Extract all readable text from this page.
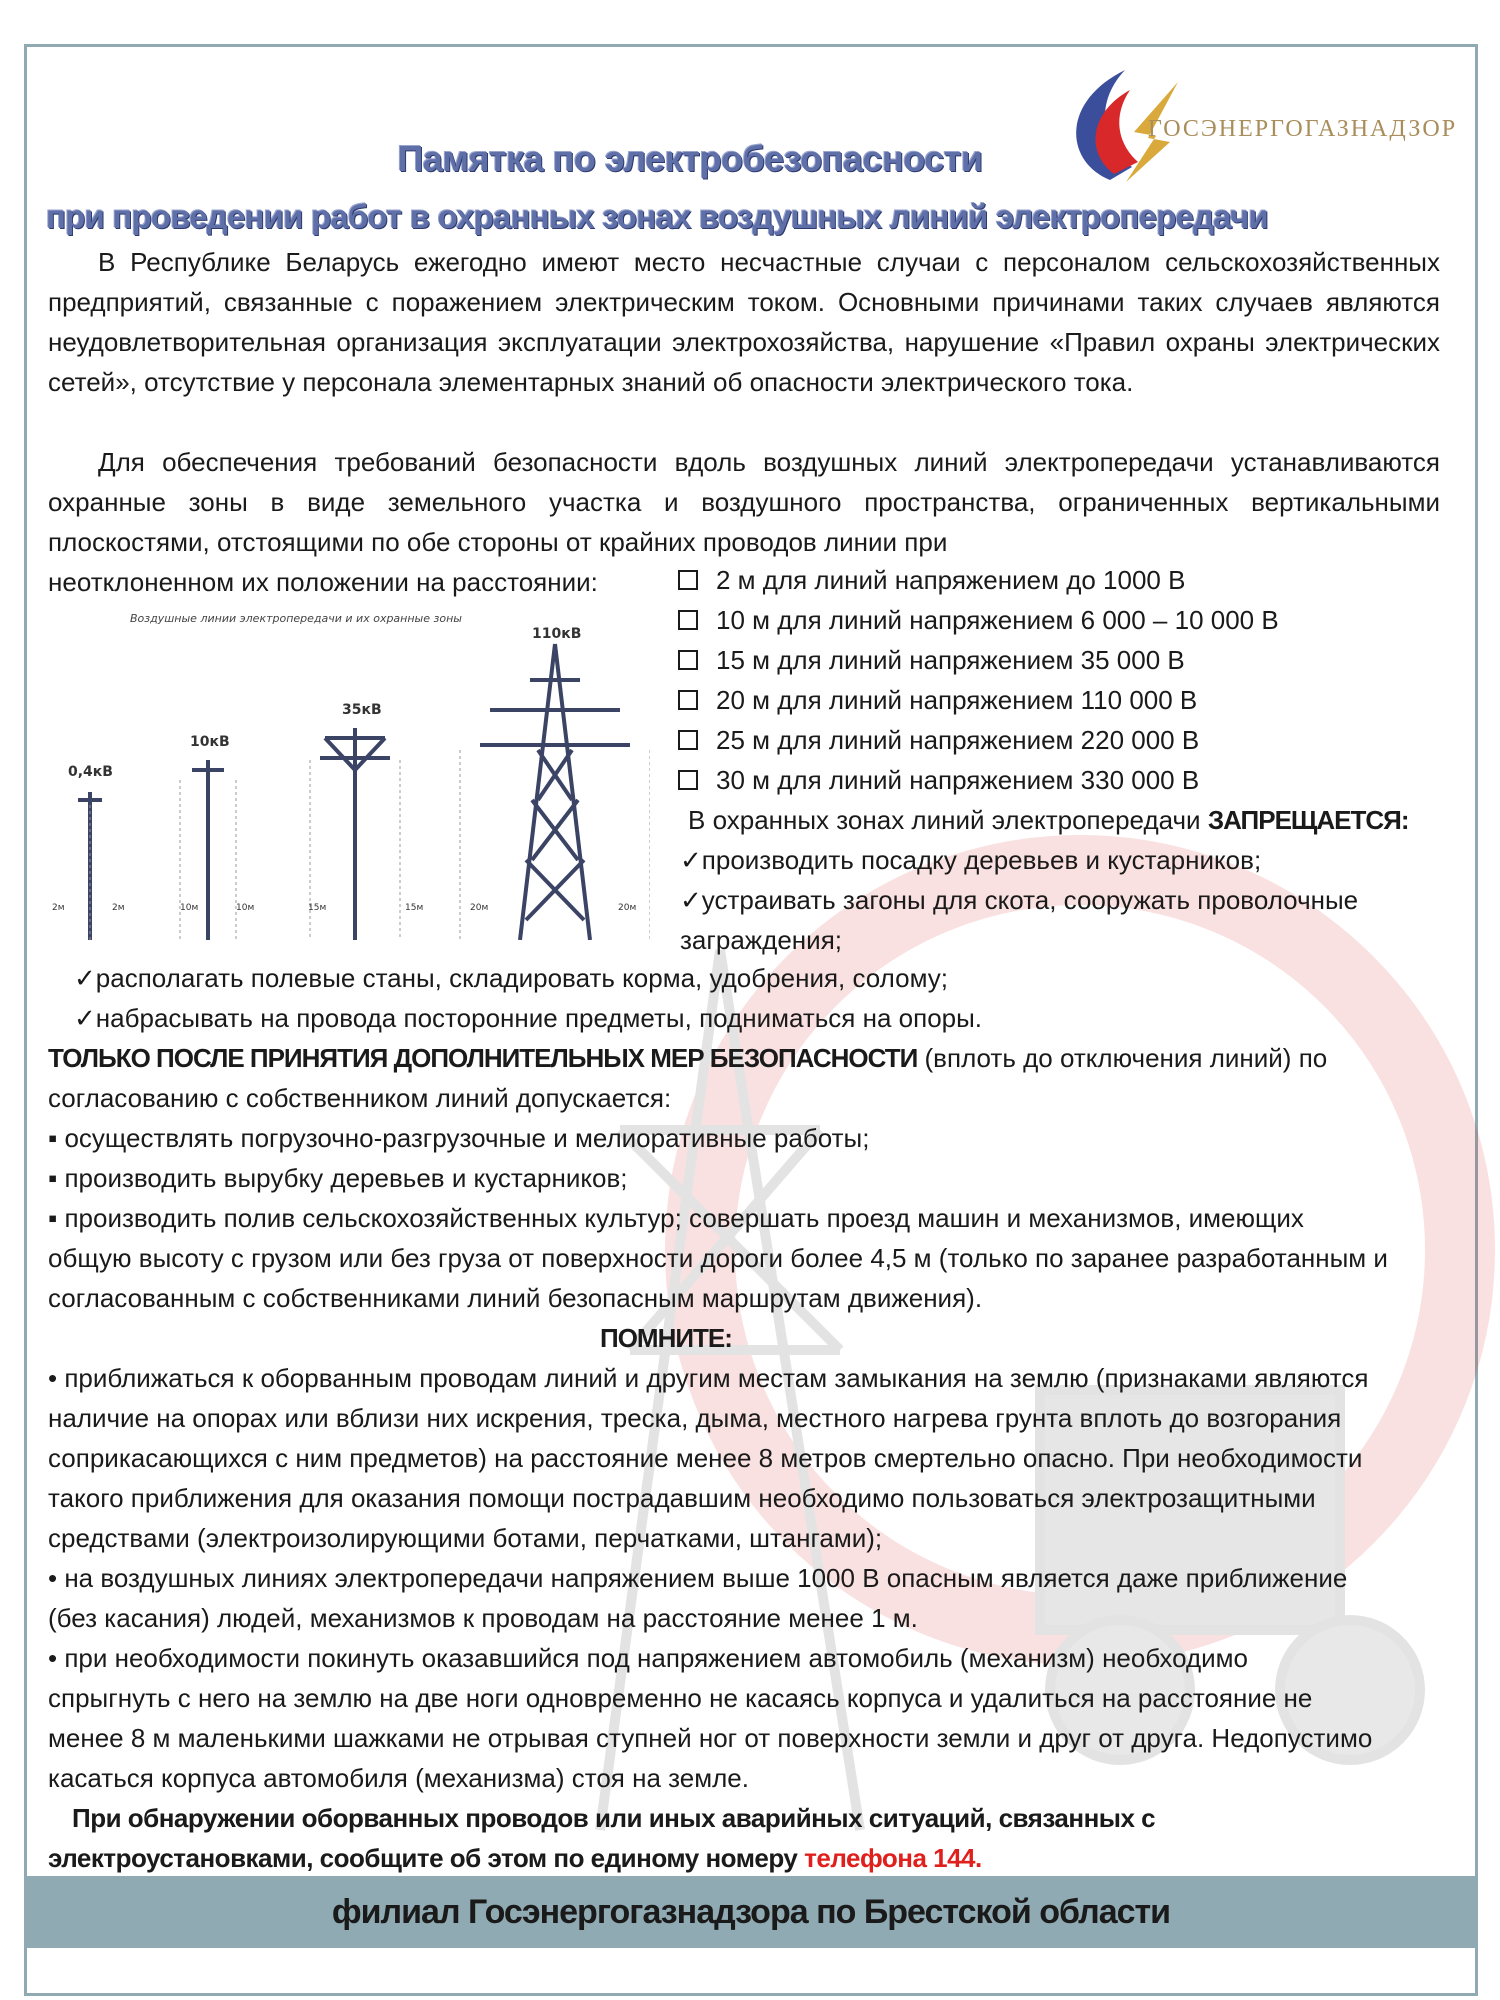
ГОСЭНЕРГОГАЗНАДЗОР
Памятка по электробезопасности
при проведении работ в охранных зонах воздушных линий электропередачи

В Республике Беларусь ежегодно имеют место несчастные случаи с персоналом сельскохозяйственных предприятий, связанные с поражением электрическим током. Основными причинами таких случаев являются неудовлетворительная организация эксплуатации электрохозяйства, нарушение «Правил охраны электрических сетей», отсутствие у персонала элементарных знаний об опасности электрического тока.

Для обеспечения требований безопасности вдоль воздушных линий электропередачи устанавливаются охранные зоны в виде земельного участка и воздушного пространства, ограниченных вертикальными плоскостями, отстоящими по обе стороны от крайних проводов линии при

неотклоненном их положении на расстоянии:	2 м для линий напряжением до 1000 В
10 м для линий напряжением 6 000 – 10 000 В
15 м для линий напряжением 35 000 В
20 м для линий напряжением 110 000 В
25 м для линий напряжением 220 000 В
30 м для линий напряжением 330 000 В
Воздушные линии электропередачи и их охранные зоны
0,4кВ
10кВ
35кВ
110кВ
2м	2м	10м	10м	15м	15м	20м	20м

В охранных зонах линий электропередачи ЗАПРЕЩАЕТСЯ:

✓производить посадку деревьев и кустарников;

✓устраивать загоны для скота, сооружать проволочные

заграждения;

✓располагать полевые станы, складировать корма, удобрения, солому;

✓набрасывать на провода посторонние предметы, подниматься на опоры.

ТОЛЬКО ПОСЛЕ ПРИНЯТИЯ ДОПОЛНИТЕЛЬНЫХ МЕР БЕЗОПАСНОСТИ (вплоть до отключения линий) по

согласованию с собственником линий допускается:

▪ осуществлять погрузочно-разгрузочные и мелиоративные работы;

▪ производить вырубку деревьев и кустарников;

▪ производить полив сельскохозяйственных культур; совершать проезд машин и механизмов, имеющих

общую высоту с грузом или без груза от поверхности дороги более 4,5 м (только по заранее разработанным и

согласованным с собственниками линий безопасным маршрутам движения).

ПОМНИТЕ:

• приближаться к оборванным проводам линий и другим местам замыкания на землю (признаками являются

наличие на опорах или вблизи них искрения, треска, дыма, местного нагрева грунта вплоть до возгорания

соприкасающихся с ним предметов) на расстояние менее 8 метров смертельно опасно. При необходимости

такого приближения для оказания помощи пострадавшим необходимо пользоваться электрозащитными

средствами (электроизолирующими ботами, перчатками, штангами);

• на воздушных линиях электропередачи напряжением выше 1000 В опасным является даже приближение

(без касания) людей, механизмов к проводам на расстояние менее 1 м.

• при необходимости покинуть оказавшийся под напряжением автомобиль (механизм) необходимо

спрыгнуть с него на землю на две ноги одновременно не касаясь корпуса и удалиться на расстояние не

менее 8 м маленькими шажками не отрывая ступней ног от поверхности земли и друг от друга. Недопустимо

касаться корпуса автомобиля (механизма) стоя на земле.

При обнаружении оборванных проводов или иных аварийных ситуаций, связанных с

электроустановками, сообщите об этом по единому номеру телефона 144.

филиал Госэнергогазнадзора по Брестской области
